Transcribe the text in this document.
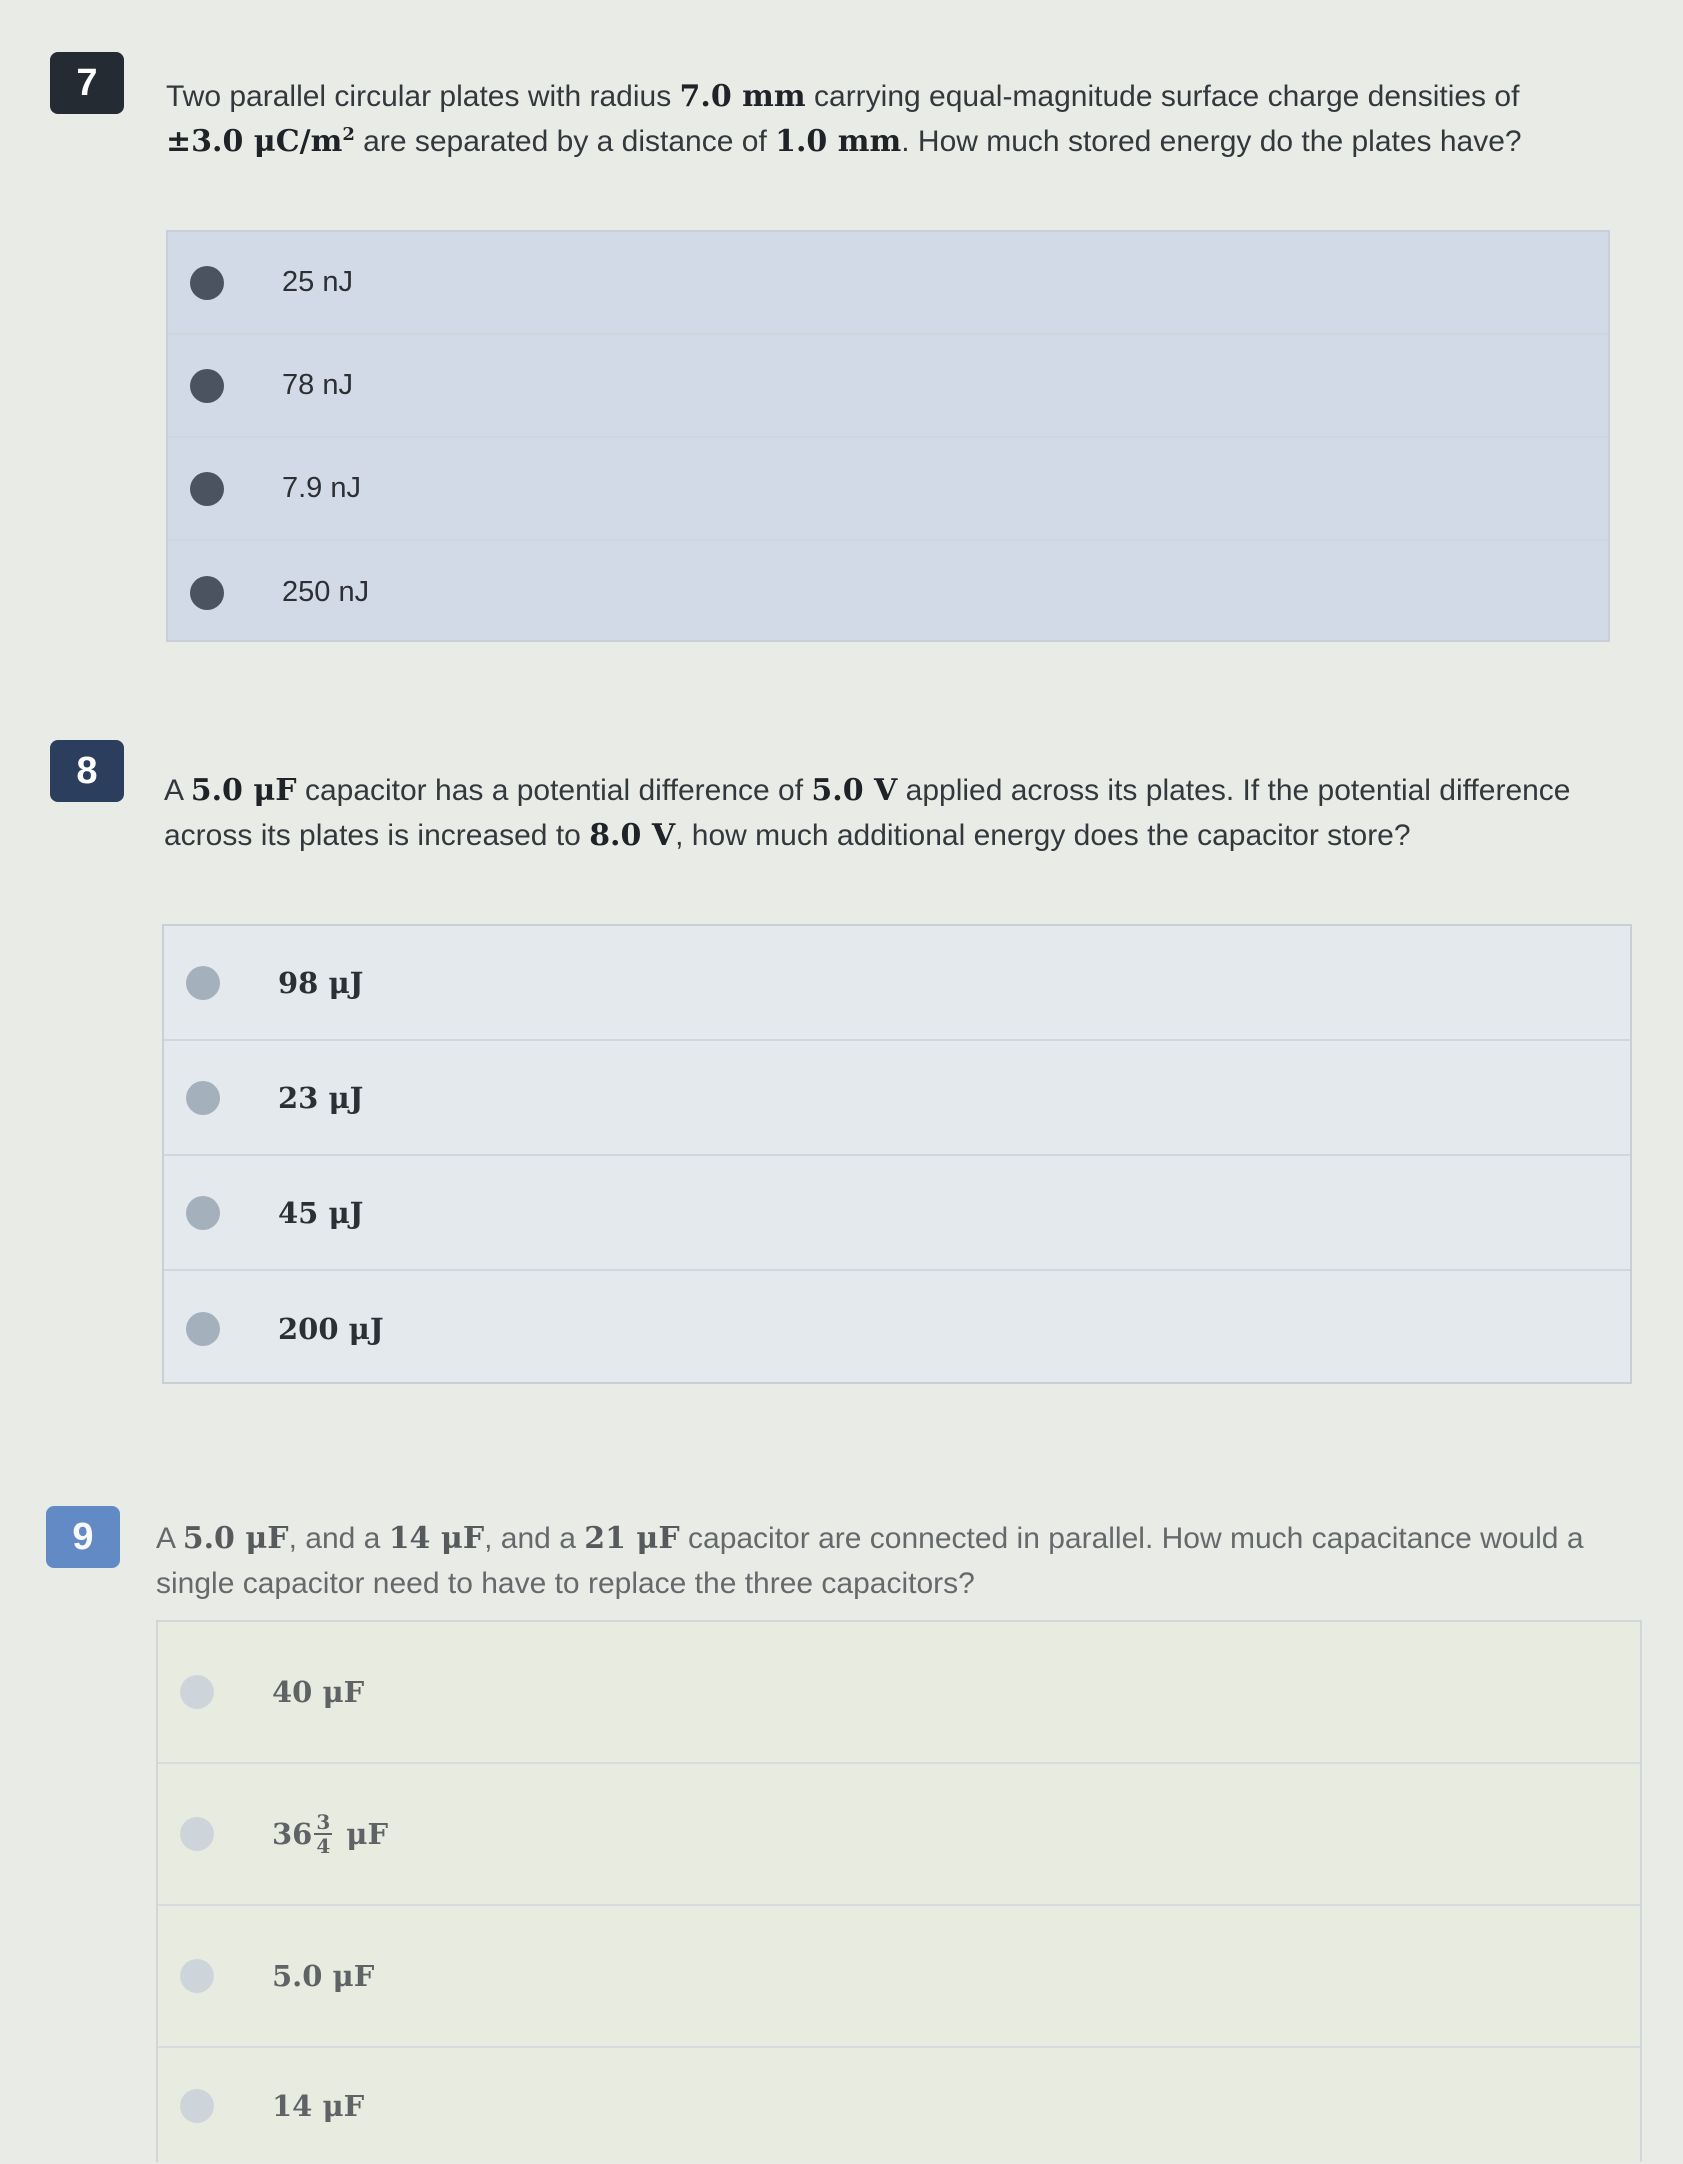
7	Two parallel circular plates with radius 7.0 mm carrying equal-magnitude surface charge densities of ±3.0 $\mu C/m^2$ are separated by a distance of 1.0 mm. How much stored energy do the plates have?
25 nJ
78 nJ
7.9 nJ
250 nJ
8	A 5.0 μF capacitor has a potential difference of 5.0 V applied across its plates. If the potential difference across its plates is increased to 8.0 V, how much additional energy does the capacitor store?
98 μJ
23 μJ
45 μJ
200 μJ
9	A 5.0 μF, and a 14 μF, and a 21 μF capacitor are connected in parallel. How much capacitance would a single capacitor need to have to replace the three capacitors?
40 μF
$36 \frac{3}{4}$ μF
5.0 μF
14 μF
